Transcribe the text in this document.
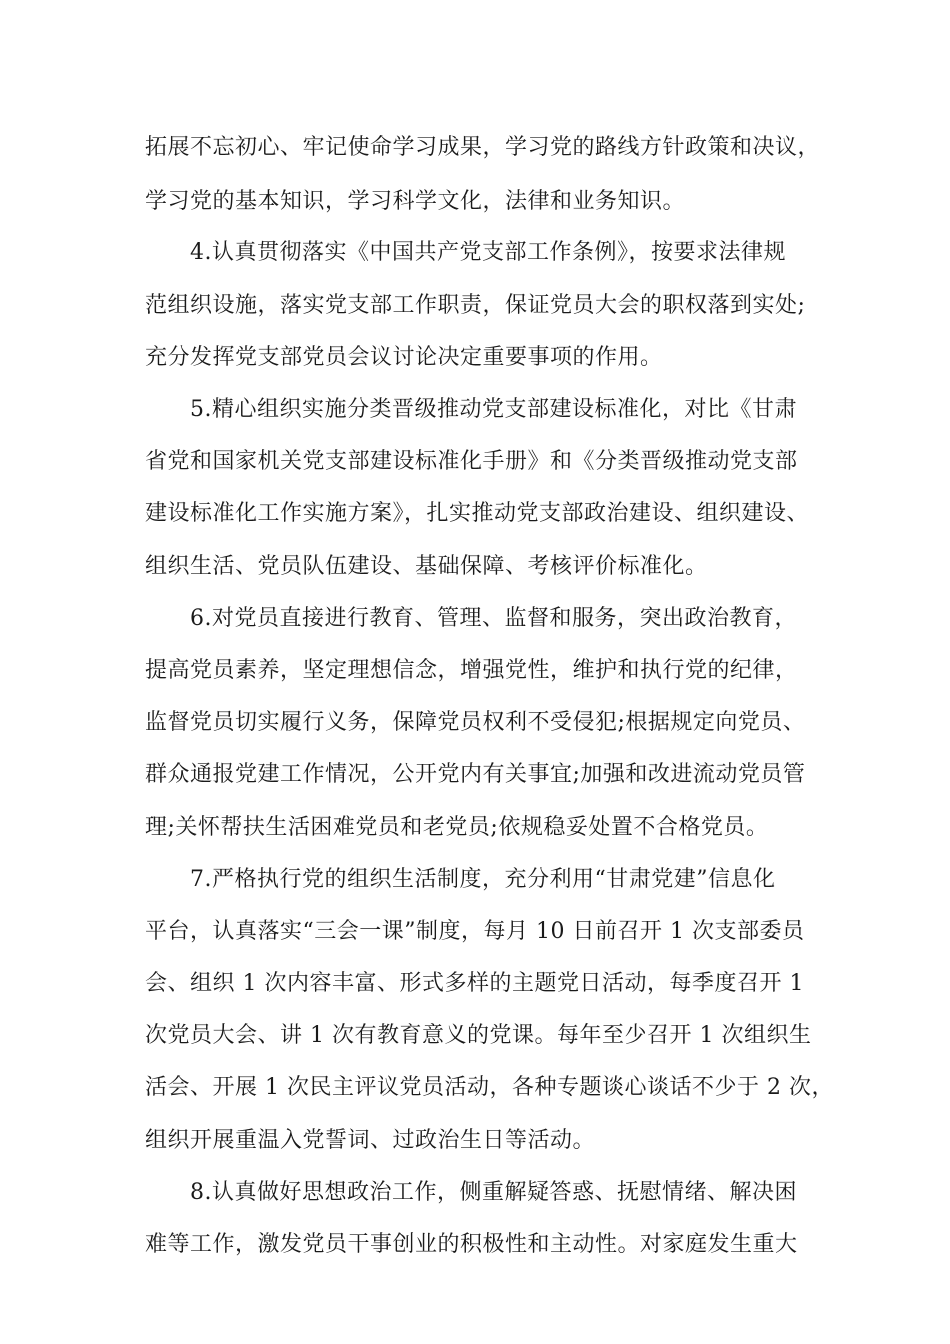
拓展不忘初心、牢记使命学习成果，学习党的路线方针政策和决议，
学习党的基本知识，学习科学文化，法律和业务知识。
4.认真贯彻落实《中国共产党支部工作条例》，按要求法律规
范组织设施，落实党支部工作职责，保证党员大会的职权落到实处;
充分发挥党支部党员会议讨论决定重要事项的作用。
5.精心组织实施分类晋级推动党支部建设标准化，对比《甘肃
省党和国家机关党支部建设标准化手册》和《分类晋级推动党支部
建设标准化工作实施方案》，扎实推动党支部政治建设、组织建设、
组织生活、党员队伍建设、基础保障、考核评价标准化。
6.对党员直接进行教育、管理、监督和服务，突出政治教育，
提高党员素养，坚定理想信念，增强党性，维护和执行党的纪律，
监督党员切实履行义务，保障党员权利不受侵犯;根据规定向党员、
群众通报党建工作情况，公开党内有关事宜;加强和改进流动党员管
理;关怀帮扶生活困难党员和老党员;依规稳妥处置不合格党员。
7.严格执行党的组织生活制度，充分利用“甘肃党建”信息化
平台，认真落实“三会一课”制度，每月 10 日前召开 1 次支部委员
会、组织 1 次内容丰富、形式多样的主题党日活动，每季度召开 1
次党员大会、讲 1 次有教育意义的党课。每年至少召开 1 次组织生
活会、开展 1 次民主评议党员活动，各种专题谈心谈话不少于 2 次，
组织开展重温入党誓词、过政治生日等活动。
8.认真做好思想政治工作，侧重解疑答惑、抚慰情绪、解决困
难等工作，激发党员干事创业的积极性和主动性。对家庭发生重大
